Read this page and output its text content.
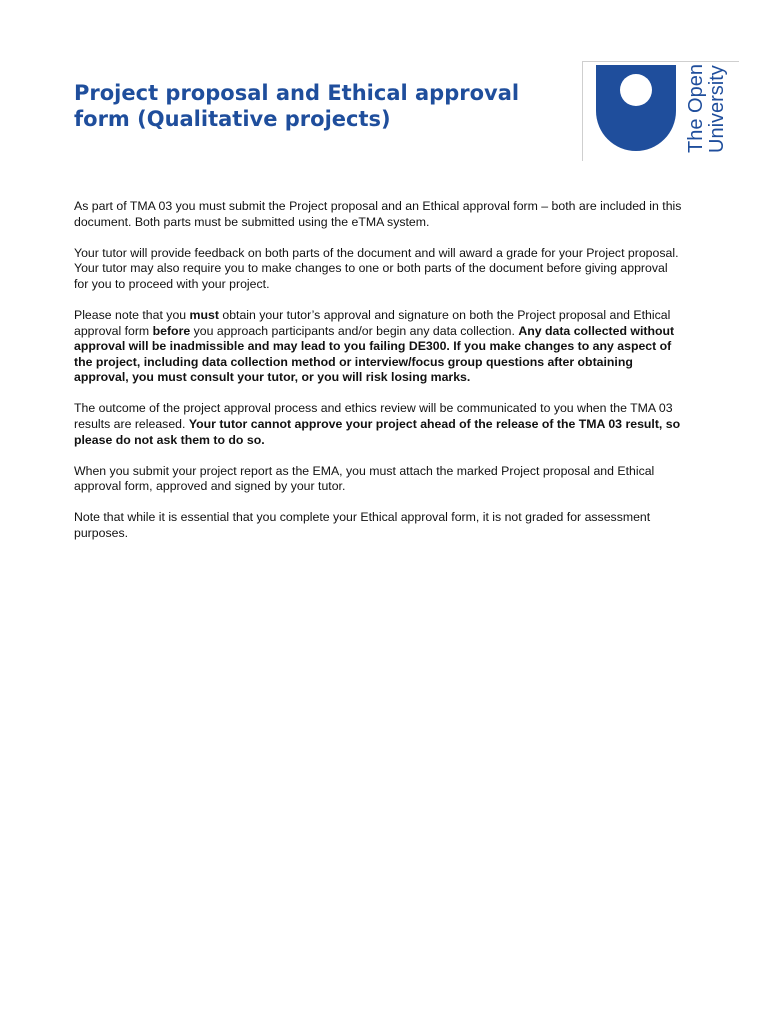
Project proposal and Ethical approval form (Qualitative projects)	The Open University

As part of TMA 03 you must submit the Project proposal and an Ethical approval form – both are included in this document. Both parts must be submitted using the eTMA system.

Your tutor will provide feedback on both parts of the document and will award a grade for your Project proposal. Your tutor may also require you to make changes to one or both parts of the document before giving approval for you to proceed with your project.

Please note that you must obtain your tutor’s approval and signature on both the Project proposal and Ethical approval form before you approach participants and/or begin any data collection. Any data collected without approval will be inadmissible and may lead to you failing DE300. If you make changes to any aspect of the project, including data collection method or interview/focus group questions after obtaining approval, you must consult your tutor, or you will risk losing marks.

The outcome of the project approval process and ethics review will be communicated to you when the TMA 03 results are released. Your tutor cannot approve your project ahead of the release of the TMA 03 result, so please do not ask them to do so.

When you submit your project report as the EMA, you must attach the marked Project proposal and Ethical approval form, approved and signed by your tutor.

Note that while it is essential that you complete your Ethical approval form, it is not graded for assessment purposes.
